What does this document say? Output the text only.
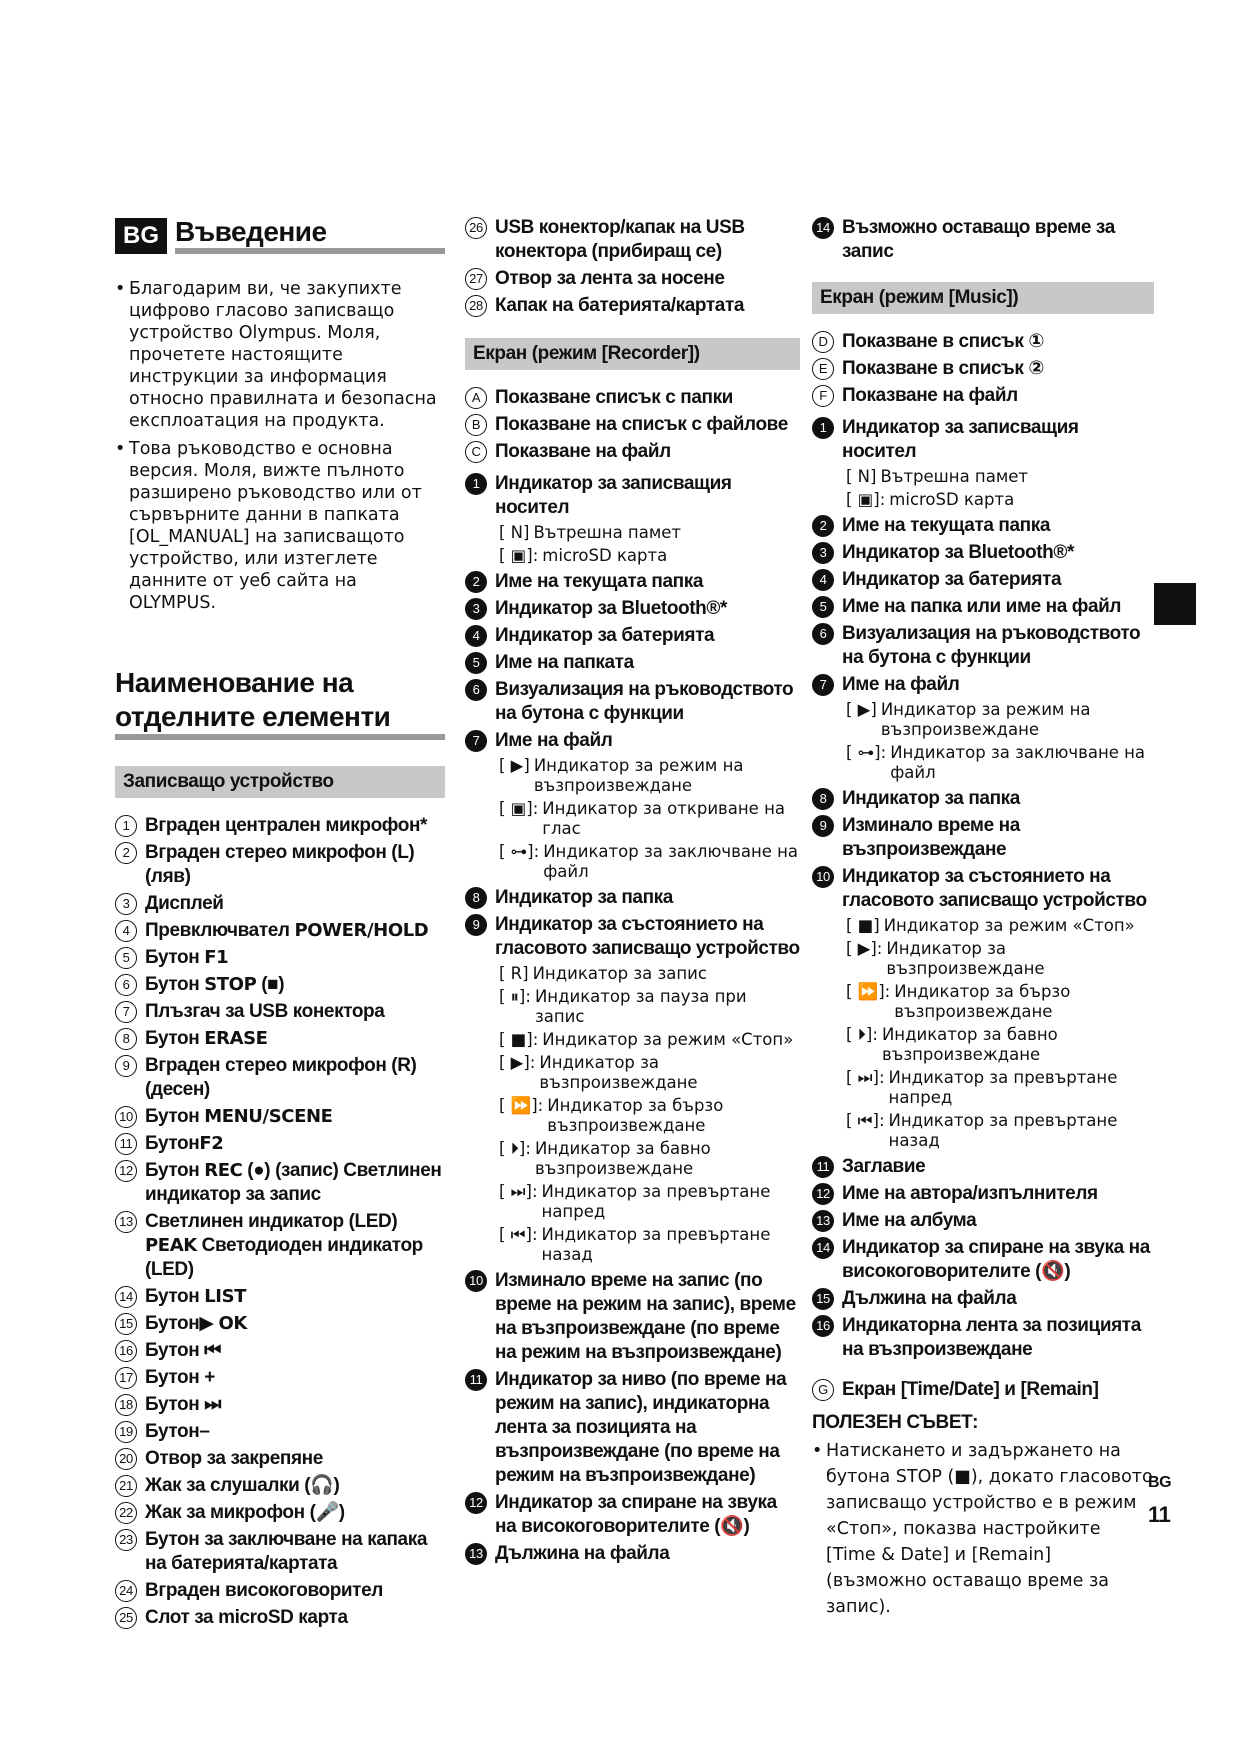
BG Въведение
• Благодарим ви, че закупихте цифрово гласово записващо устройство Olympus. Моля, прочетете настоящите инструкции за информация относно правилната и безопасна експлоатация на продукта.
• Това ръководство е основна версия. Моля, вижте пълното разширено ръководство или от сървърните данни в папката [OL_MANUAL] на записващото устройство, или изтеглете данните от уеб сайта на OLYMPUS.
Наименование на отделните елементи
Записващо устройство
1 Вграден централен микрофон*
2 Вграден стерео микрофон (L) (ляв)
3 Дисплей
4 Превключвател POWER/HOLD
5 Бутон F1
6 Бутон STOP (■)
7 Плъзгач за USB конектора
8 Бутон ERASE
9 Вграден стерео микрофон (R) (десен)
10 Бутон MENU/SCENE
11 БутонF2
12 Бутон REC (●) (запис) Светлинен индикатор за запис
13 Светлинен индикатор (LED) PEAK Светодиоден индикатор (LED)
14 Бутон LIST
15 Бутон▶ OK
16 Бутон ⏮
17 Бутон +
18 Бутон ⏭
19 Бутон–
20 Отвор за закрепяне
21 Жак за слушалки (🎧)
22 Жак за микрофон (🎤)
23 Бутон за заключване на капака на батерията/картата
24 Вграден високоговорител
25 Слот за microSD карта
26 USB конектор/капак на USB конектора (прибиращ се)
27 Отвор за лента за носене
28 Капак на батерията/картата
Екран (режим [Recorder])
A Показване списък с папки
B Показване на списък с файлове
C Показване на файл
1 Индикатор за записващия носител
[ N] Вътрешна памет
[ ▣]: microSD карта
2 Име на текущата папка
3 Индикатор за Bluetooth®*
4 Индикатор за батерията
5 Име на папката
6 Визуализация на ръководството на бутона с функции
7 Име на файл
[ ▶] Индикатор за режим на възпроизвеждане
[ ▣]: Индикатор за откриване на глас
[ ⊶]: Индикатор за заключване на файл
8 Индикатор за папка
9 Индикатор за състоянието на гласовото записващо устройство
[ R] Индикатор за запис
[ ⏸]: Индикатор за пауза при запис
[ ■]: Индикатор за режим «Стоп»
[ ▶]: Индикатор за възпроизвеждане
[ ⏩]: Индикатор за бързо възпроизвеждане
[ ⏵]: Индикатор за бавно възпроизвеждане
[ ⏭]: Индикатор за превъртане напред
[ ⏮]: Индикатор за превъртане назад
10 Изминало време на запис (по време на режим на запис), време на възпроизвеждане (по време на режим на възпроизвеждане)
11 Индикатор за ниво (по време на режим на запис), индикаторна лента за позицията на възпроизвеждане (по време на режим на възпроизвеждане)
12 Индикатор за спиране на звука на високоговорителите (🔇)
13 Дължина на файла
14 Възможно оставащо време за запис
Екран (режим [Music])
D Показване в списък ①
E Показване в списък ②
F Показване на файл
1 Индикатор за записващия носител
[ N] Вътрешна памет
[ ▣]: microSD карта
2 Име на текущата папка
3 Индикатор за Bluetooth®*
4 Индикатор за батерията
5 Име на папка или име на файл
6 Визуализация на ръководството на бутона с функции
7 Име на файл
[ ▶] Индикатор за режим на възпроизвеждане
[ ⊶]: Индикатор за заключване на файл
8 Индикатор за папка
9 Изминало време на възпроизвеждане
10 Индикатор за състоянието на гласовото записващо устройство
[ ■] Индикатор за режим «Стоп»
[ ▶]: Индикатор за възпроизвеждане
[ ⏩]: Индикатор за бързо възпроизвеждане
[ ⏵]: Индикатор за бавно възпроизвеждане
[ ⏭]: Индикатор за превъртане напред
[ ⏮]: Индикатор за превъртане назад
11 Заглавие
12 Име на автора/изпълнителя
13 Име на албума
14 Индикатор за спиране на звука на високоговорителите (🔇)
15 Дължина на файла
16 Индикаторна лента за позицията на възпроизвеждане
G Екран [Time/Date] и [Remain]
ПОЛЕЗЕН СЪВЕТ:
• Натискането и задържането на бутона STOP (■), докато гласовото записващо устройство е в режим «Стоп», показва настройките [Time & Date] и [Remain] (възможно оставащо време за запис).
BG
11
